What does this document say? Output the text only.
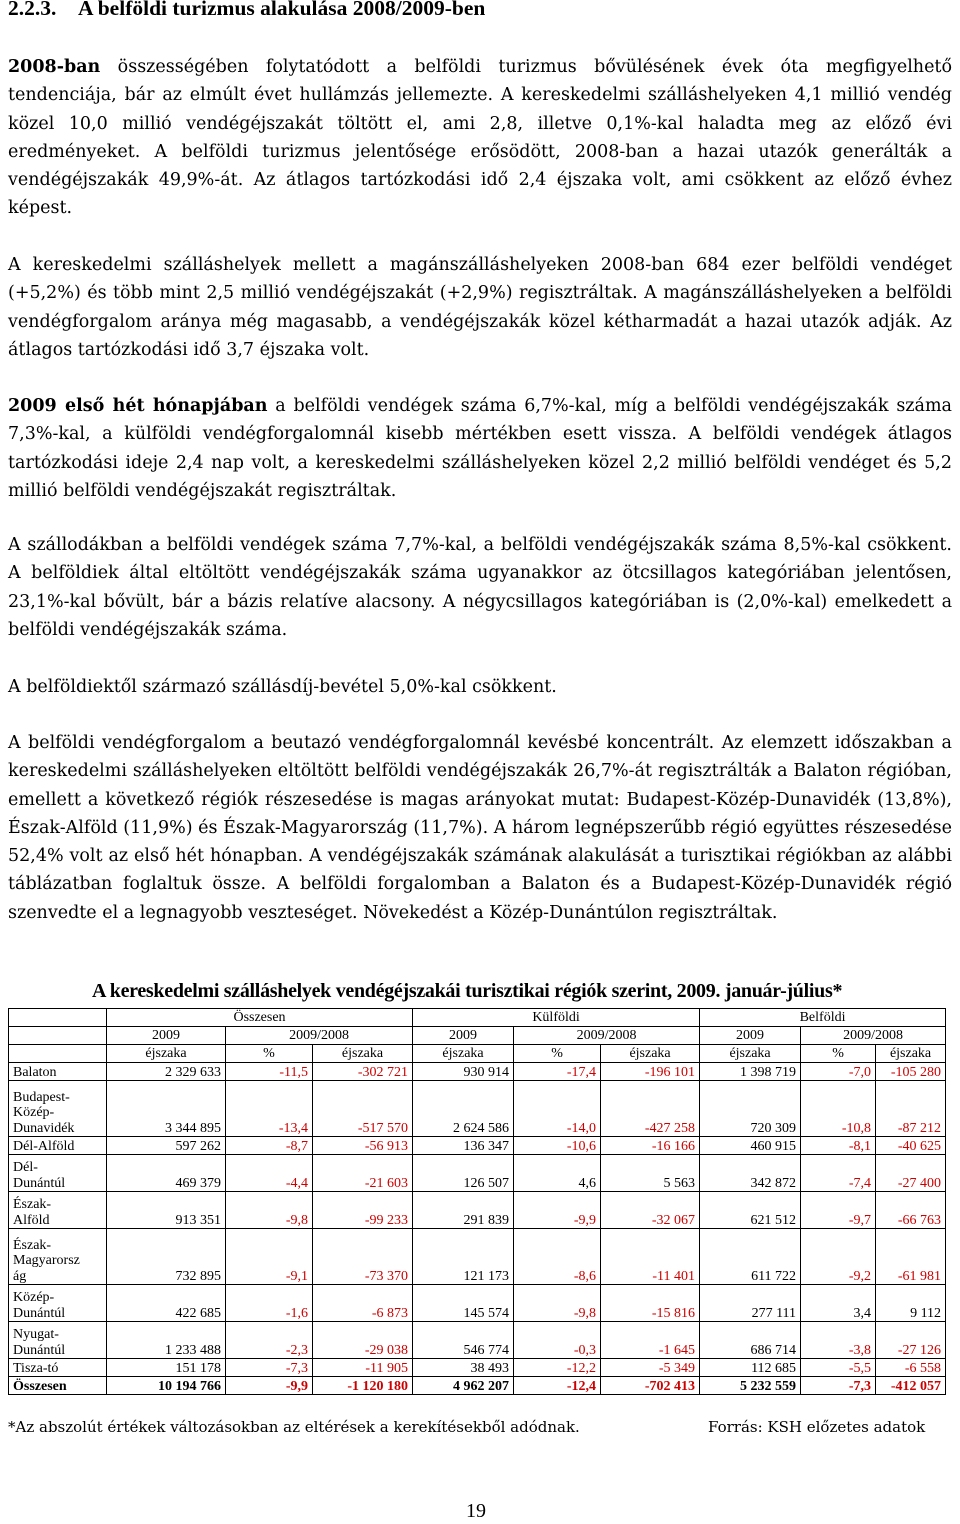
2.2.3. A belföldi turizmus alakulása 2008/2009-ben

2008-ban összességében folytatódott a belföldi turizmus bővülésének évek óta megfigyelhető tendenciája, bár az elmúlt évet hullámzás jellemezte. A kereskedelmi szálláshelyeken 4,1 millió vendég közel 10,0 millió vendégéjszakát töltött el, ami 2,8, illetve 0,1%-kal haladta meg az előző évi eredményeket. A belföldi turizmus jelentősége erősödött, 2008-ban a hazai utazók generálták a vendégéjszakák 49,9%-át. Az átlagos tartózkodási idő 2,4 éjszaka volt, ami csökkent az előző évhez képest.

A kereskedelmi szálláshelyek mellett a magánszálláshelyeken 2008-ban 684 ezer belföldi vendéget (+5,2%) és több mint 2,5 millió vendégéjszakát (+2,9%) regisztráltak. A magánszálláshelyeken a belföldi vendégforgalom aránya még magasabb, a vendégéjszakák közel kétharmadát a hazai utazók adják. Az átlagos tartózkodási idő 3,7 éjszaka volt.

2009 első hét hónapjában a belföldi vendégek száma 6,7%-kal, míg a belföldi vendégéjszakák száma 7,3%-kal, a külföldi vendégforgalomnál kisebb mértékben esett vissza. A belföldi vendégek átlagos tartózkodási ideje 2,4 nap volt, a kereskedelmi szálláshelyeken közel 2,2 millió belföldi vendéget és 5,2 millió belföldi vendégéjszakát regisztráltak.

A szállodákban a belföldi vendégek száma 7,7%-kal, a belföldi vendégéjszakák száma 8,5%-kal csökkent. A belföldiek által eltöltött vendégéjszakák száma ugyanakkor az ötcsillagos kategóriában jelentősen, 23,1%-kal bővült, bár a bázis relatíve alacsony. A négycsillagos kategóriában is (2,0%-kal) emelkedett a belföldi vendégéjszakák száma.

A belföldiektől származó szállásdíj-bevétel 5,0%-kal csökkent.

A belföldi vendégforgalom a beutazó vendégforgalomnál kevésbé koncentrált. Az elemzett időszakban a kereskedelmi szálláshelyeken eltöltött belföldi vendégéjszakák 26,7%-át regisztrálták a Balaton régióban, emellett a következő régiók részesedése is magas arányokat mutat: Budapest-Közép-Dunavidék (13,8%), Észak-Alföld (11,9%) és Észak-Magyarország (11,7%). A három legnépszerűbb régió együttes részesedése 52,4% volt az első hét hónapban. A vendégéjszakák számának alakulását a turisztikai régiókban az alábbi táblázatban foglaltuk össze. A belföldi forgalomban a Balaton és a Budapest-Közép-Dunavidék régió szenvedte el a legnagyobb veszteséget. Növekedést a Közép-Dunántúlon regisztráltak.

A kereskedelmi szálláshelyek vendégéjszakái turisztikai régiók szerint, 2009. január-július*
	Összesen			Külföldi			Belföldi		
	2009	2009/2008		2009	2009/2008		2009	2009/2008	
	éjszaka	%	éjszaka	éjszaka	%	éjszaka	éjszaka	%	éjszaka
Balaton	2 329 633	-11,5	-302 721	930 914	-17,4	-196 101	1 398 719	-7,0	-105 280
Budapest-
Közép-
Dunavidék	3 344 895	-13,4	-517 570	2 624 586	-14,0	-427 258	720 309	-10,8	-87 212
Dél-Alföld	597 262	-8,7	-56 913	136 347	-10,6	-16 166	460 915	-8,1	-40 625
Dél-
Dunántúl	469 379	-4,4	-21 603	126 507	4,6	5 563	342 872	-7,4	-27 400
Észak-
Alföld	913 351	-9,8	-99 233	291 839	-9,9	-32 067	621 512	-9,7	-66 763
Észak-
Magyarorsz
ág	732 895	-9,1	-73 370	121 173	-8,6	-11 401	611 722	-9,2	-61 981
Közép-
Dunántúl	422 685	-1,6	-6 873	145 574	-9,8	-15 816	277 111	3,4	9 112
Nyugat-
Dunántúl	1 233 488	-2,3	-29 038	546 774	-0,3	-1 645	686 714	-3,8	-27 126
Tisza-tó	151 178	-7,3	-11 905	38 493	-12,2	-5 349	112 685	-5,5	-6 558
Összesen	10 194 766	-9,9	-1 120 180	4 962 207	-12,4	-702 413	5 232 559	-7,3	-412 057
*Az abszolút értékek változásokban az eltérések a kerekítésekből adódnak.	Forrás: KSH előzetes adatok
19
